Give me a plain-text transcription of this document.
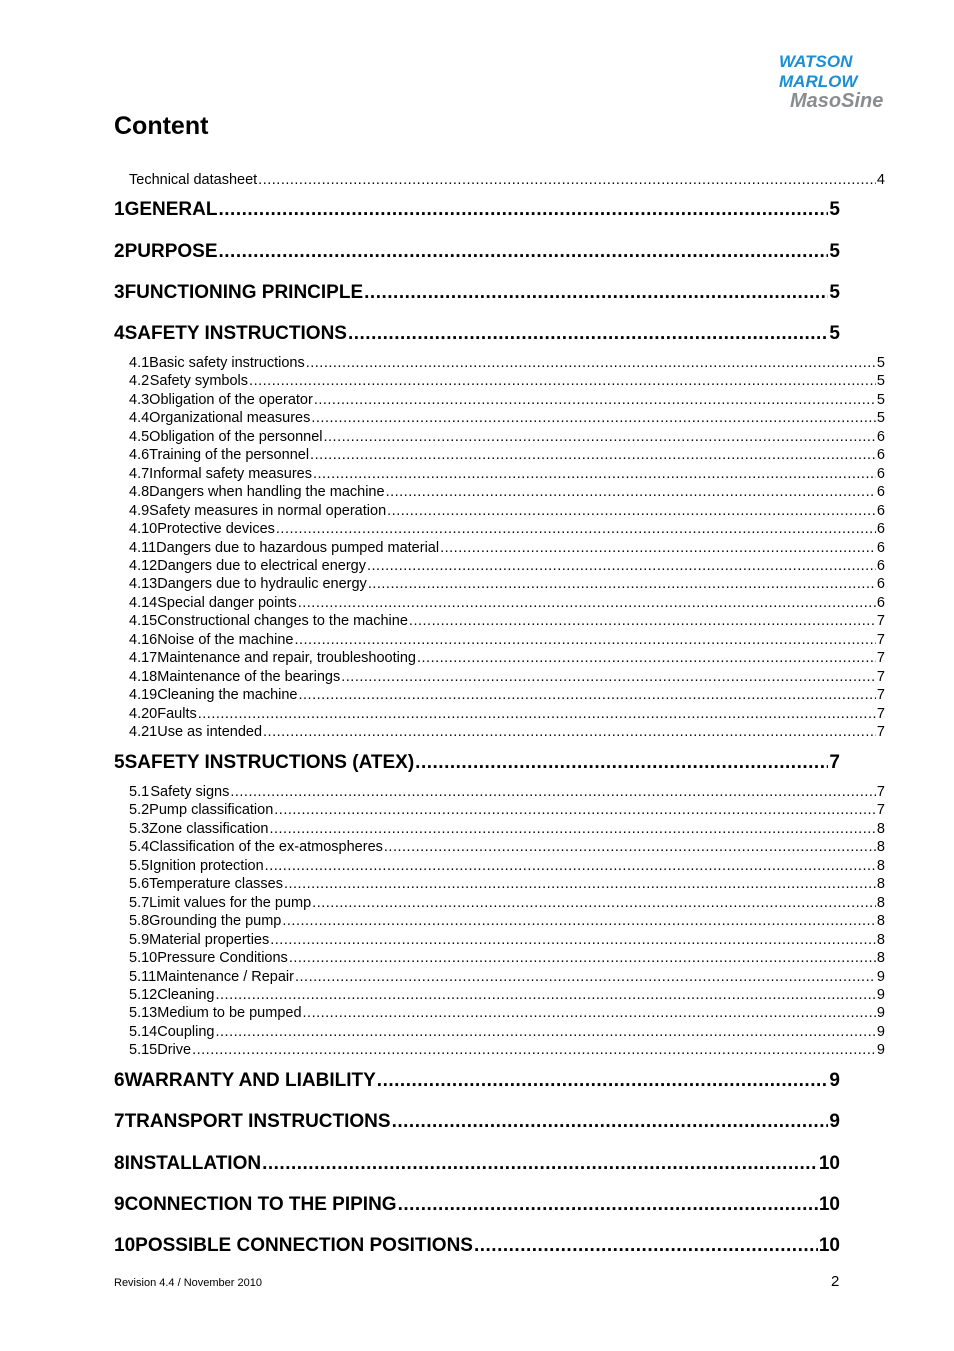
WATSON
MARLOW
MasoSine
Content
Technical datasheet .....	4
1 GENERAL .....	5
2 PURPOSE .....	5
3 FUNCTIONING PRINCIPLE .....	5
4 SAFETY INSTRUCTIONS .....	5
4.1 Basic safety instructions .....	5
4.2 Safety symbols .....	5
4.3 Obligation of the operator .....	5
4.4 Organizational measures .....	5
4.5 Obligation of the personnel .....	6
4.6 Training of the personnel .....	6
4.7 Informal safety measures .....	6
4.8 Dangers when handling the machine .....	6
4.9 Safety measures in normal operation .....	6
4.10 Protective devices .....	6
4.11 Dangers due to hazardous pumped material .....	6
4.12 Dangers due to electrical energy .....	6
4.13 Dangers due to hydraulic energy .....	6
4.14 Special danger points .....	6
4.15 Constructional changes to the machine .....	7
4.16 Noise of the machine .....	7
4.17 Maintenance and repair, troubleshooting .....	7
4.18 Maintenance of the bearings .....	7
4.19 Cleaning the machine .....	7
4.20 Faults .....	7
4.21 Use as intended .....	7
5 SAFETY INSTRUCTIONS (ATEX) .....	7
5.1 Safety signs .....	7
5.2 Pump classification .....	7
5.3 Zone classification .....	8
5.4 Classification of the ex-atmospheres .....	8
5.5 Ignition protection .....	8
5.6 Temperature classes .....	8
5.7 Limit values for the pump .....	8
5.8 Grounding the pump .....	8
5.9 Material properties .....	8
5.10 Pressure Conditions .....	8
5.11 Maintenance / Repair .....	9
5.12 Cleaning .....	9
5.13 Medium to be pumped .....	9
5.14 Coupling .....	9
5.15 Drive .....	9
6 WARRANTY AND LIABILITY .....	9
7 TRANSPORT INSTRUCTIONS .....	9
8 INSTALLATION .....	10
9 CONNECTION TO THE PIPING .....	10
10 POSSIBLE CONNECTION POSITIONS .....	10
Revision 4.4 / November 2010	2
